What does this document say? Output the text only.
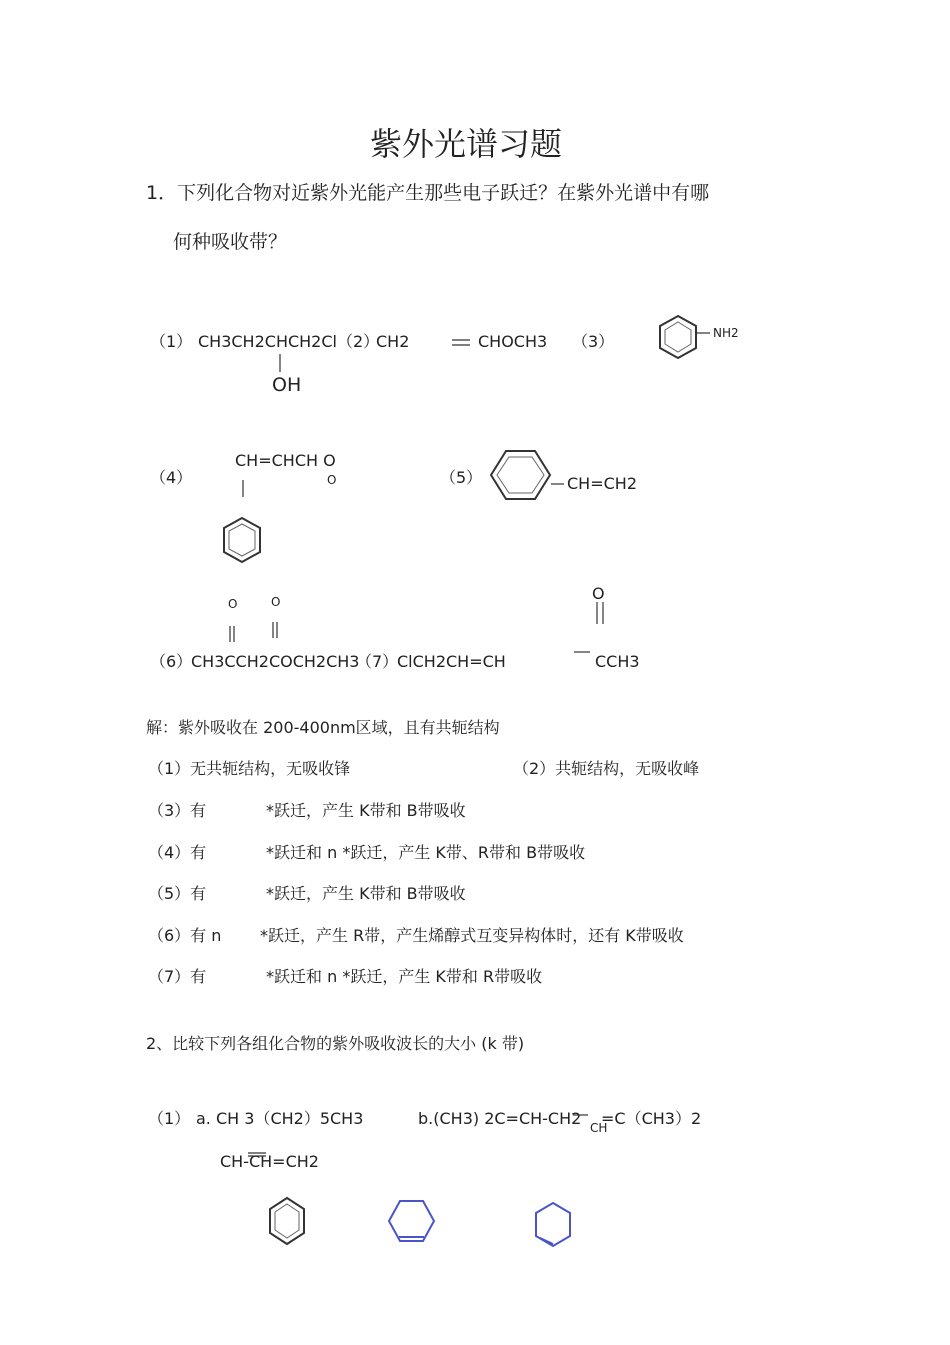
紫外光谱习题
1．下列化合物对近紫外光能产生那些电子跃迁？在紫外光谱中有哪
何种吸收带？
（1） CH3CH2CHCH2Cl
OH
（2）
CH2	CHOCH3 （3）	NH2
（4）
CH=CHCH O
O	（5）	CH=CH2
O	O
（6）
CH3CCH2COCH2CH3
（7）
ClCH2CH=CH
O
CCH3
解：紫外吸收在 200-400nm区域，且有共轭结构
（1）无共轭结构，无吸收锋	（2）共轭结构，无吸收峰
（3）有	*跃迁，产生 K带和 B带吸收
（4）有	*跃迁和 n *跃迁，产生 K带、R带和 B带吸收
（5）有	*跃迁，产生 K带和 B带吸收
（6）有 n *跃迁，产生 R带，产生烯醇式互变异构体时，还有 K带吸收
（7）有	*跃迁和 n *跃迁，产生 K带和 R带吸收
2、比较下列各组化合物的紫外吸收波长的大小 (k 带)
（1） a. CH 3（CH2）5CH3	b.(CH3) 2C=CH-CH2 =C（CH3）2
CH
CH-CH=CH2
